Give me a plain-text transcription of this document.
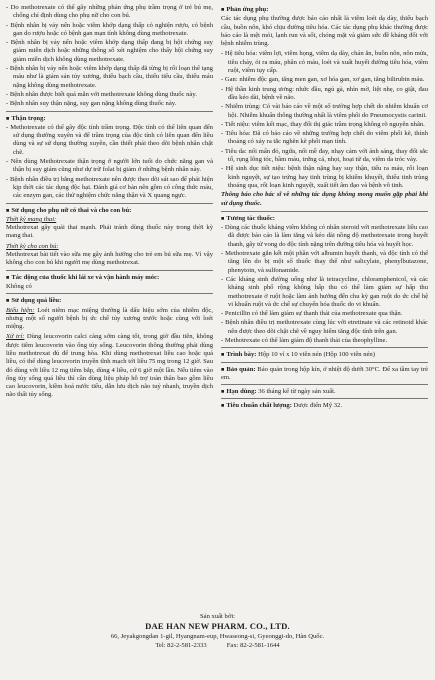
- Do methotrexate có thể gây những phản ứng phụ trầm trọng ở trẻ bú mẹ, chống chỉ định dùng cho phụ nữ cho con bú.
- Bệnh nhân bị vảy nến hoặc viêm khớp dạng thấp có nghiện rượu, có bệnh gan do rượu hoặc có bệnh gan mạn tính không dùng methotrexate.
- Bệnh nhân bị vảy nến hoặc viêm khớp dạng thấp đang bị hội chứng suy giảm miễn dịch hoặc những thông số xét nghiệm cho thấy hội chứng suy giảm miễn dịch không dùng methotrexate.
- Bệnh nhân bị vảy nến hoặc viêm khớp dạng thấp đã từng bị rối loạn thể tạng máu như là giảm sản tủy xương, thiếu bạch cầu, thiếu tiểu cầu, thiếu máu nặng không dùng methotrexate.
- Bệnh nhân được biết quá mẫn với methotrexate không dùng thuốc này.
- Bệnh nhân suy thận nặng, suy gan nặng không dùng thuốc này.
■ Thận trọng:
- Methotrexate có thể gây độc tính trầm trọng. Độc tính có thể liên quan đến sử dụng thường xuyên và để trầm trọng của độc tính có liên quan đến liều dùng và sự sử dụng thường xuyên, cần thiết phải theo dõi bệnh nhân chặt chẽ.
- Nên dùng Methotrexate thận trọng ở người lớn tuổi do chức năng gan và thận bị suy giảm cũng như dự trữ folat bị giảm ở những bệnh nhân này.
- Bệnh nhân điều trị bằng methotrexate nên được theo dõi sát sao để phát hiện kịp thời các tác dụng độc hại. Đánh giá cơ bản nên gồm có công thức máu, các enzym gan, các thử nghiệm chức năng thận và X quang ngực.
■ Sử dụng cho phụ nữ có thai và cho con bú:
Thời kỳ mang thai:
Methotrexat gây quái thai mạnh. Phải tránh dùng thuốc này trong thời kỳ mang thai.
Thời kỳ cho con bú:
Methotrexat bài tiết vào sữa mẹ gây ảnh hưởng cho trẻ em bú sữa mẹ. Vì vậy không cho con bú khi người mẹ dùng methotrexat.
■ Tác động của thuốc khi lái xe và vận hành máy móc:
Không có
■ Sử dụng quá liều:
Biểu hiện: Loét niêm mạc miệng thường là dấu hiệu sớm của nhiễm độc, nhưng một số người bệnh bị ức chế tủy xương trước hoặc cùng với loét miệng.
Xử trí: Dùng leucovorin calci càng sớm càng tốt, trong giờ đầu tiên, không được tiêm leucovorin vào ống tủy sống. Leucovorin thông thường phải dùng liều methotrexat đủ để trung hòa. Khi dùng methotrexat liều cao hoặc quá liều, có thể dùng leucovorin truyền tĩnh mạch tới liều 75 mg trong 12 giờ. Sau đó dùng với liều 12 mg tiêm bắp, dùng 4 liều, cứ 6 giờ một lần. Nếu tiêm vào ống tủy sống quá liều thì cần dùng liệu pháp hỗ trợ toàn thân bao gồm liều cao leucovorin, kiềm hoá nước tiểu, dẫn lưu dịch não tuỷ nhanh, truyền dịch não thất tủy sống.
■ Phản ứng phụ:
Các tác dụng phụ thường được báo cáo nhất là viêm loét dạ dày, thiếu bạch cầu, buồn nôn, khó chịu đường tiêu hóa. Các tác dụng phụ khác thường được báo cáo là mệt mỏi, lạnh run và sốt, chóng mặt và giảm sức đề kháng đối với bệnh nhiễm trùng.
- Hệ tiêu hóa: viêm lợi, viêm họng, viêm dạ dày, chán ăn, buồn nôn, nôn mửa, tiêu chảy, ói ra máu, phân có máu, loét và xuất huyết đường tiêu hóa, viêm ruột, viêm tụy cấp.
- Gan: nhiễm độc gan, tăng men gan, xơ hóa gan, xơ gan, tăng bilirubin máu.
- Hệ thần kinh trung ương: nhức đầu, ngủ gà, nhìn mờ, liệt nhẹ, co giật, đau đầu kéo dài, bệnh về não.
- Nhiễm trùng: Có vài báo cáo về một số trường hợp chết do nhiễm khuẩn cơ hội. Nhiễm khuẩn thông thường nhất là viêm phổi do Pneumocystis carinii.
- Tiết niệu: viêm kết mạc, thay đổi thị giác trầm trọng không rõ nguyên nhân.
- Tiêu hóa: Đã có báo cáo về những trường hợp chết do viêm phổi kẽ, thỉnh thoảng có xảy ra tắc nghẽn kẽ phổi mạn tính.
- Tiêu da: nổi mẩn đỏ, ngứa, nổi mề đay, nhạy cảm với ánh sáng, thay đổi sắc tố, rụng lông tóc, bầm máu, trứng cá, nhọt, hoại tử da, viêm da tróc vảy.
- Hệ sinh dục tiết niệu: bệnh thận nặng hay suy thận, tiểu ra máu, rối loạn kinh nguyệt, sự tạo trứng hay tinh trùng bị khiếm khuyết, thiểu tinh trùng thoáng qua, rối loạn kinh nguyệt, xuất tiết âm đạo và bệnh vô tinh.
Thông báo cho bác sĩ về những tác dụng không mong muốn gặp phải khi sử dụng thuốc.
■ Tương tác thuốc:
- Dùng các thuốc kháng viêm không có nhân steroid với methotrexate liều cao đã được báo cáo là làm tăng và kéo dài nồng độ methotrexate trong huyết thanh, gây tử vong do độc tính nặng trên đường tiêu hóa và huyết học.
- Methotrexate gắn kết một phần với albumin huyết thanh, và độc tính có thể tăng lên do bị một số thuốc thay thế như salicylate, phenylbutazone, phenytoin, và sulfonamide.
- Các kháng sinh đường uống như là tetracycline, chloramphenicol, và các kháng sinh phổ rộng không hấp thu có thể làm giảm sự hấp thu methotrexate ở ruột hoặc làm ảnh hưởng đến chu kỳ gan ruột do ức chế hệ vi khuẩn ruột và ức chế sự chuyển hóa thuốc do vi khuẩn.
- Penicillin có thể làm giảm sự thanh thải của methotrexate qua thận.
- Bệnh nhân điều trị methotrexate cùng lúc với etretinate và các retinoid khác nên được theo dõi chặt chẽ về nguy hiểm tăng độc tính trên gan.
- Methotrexate có thể làm giảm độ thanh thải của theophylline.
■ Trình bày: Hộp 10 vỉ x 10 viên nén (Hộp 100 viên nén)
■ Bảo quản: Bảo quản trong hộp kín, ở nhiệt độ dưới 30°C. Để xa tầm tay trẻ em.
■ Hạn dùng: 36 tháng kể từ ngày sản xuất.
■ Tiêu chuẩn chất lượng: Dược điển Mỹ 32.
Sản xuất bởi:
DAE HAN NEW PHARM. CO., LTD.
66, Jeyakgongdan 1-gil, Hyangnam-eup, Hwaseong-si, Gyeonggi-do, Hàn Quốc.
Tel: 82-2-581-2333	Fax: 82-2-581-1644
